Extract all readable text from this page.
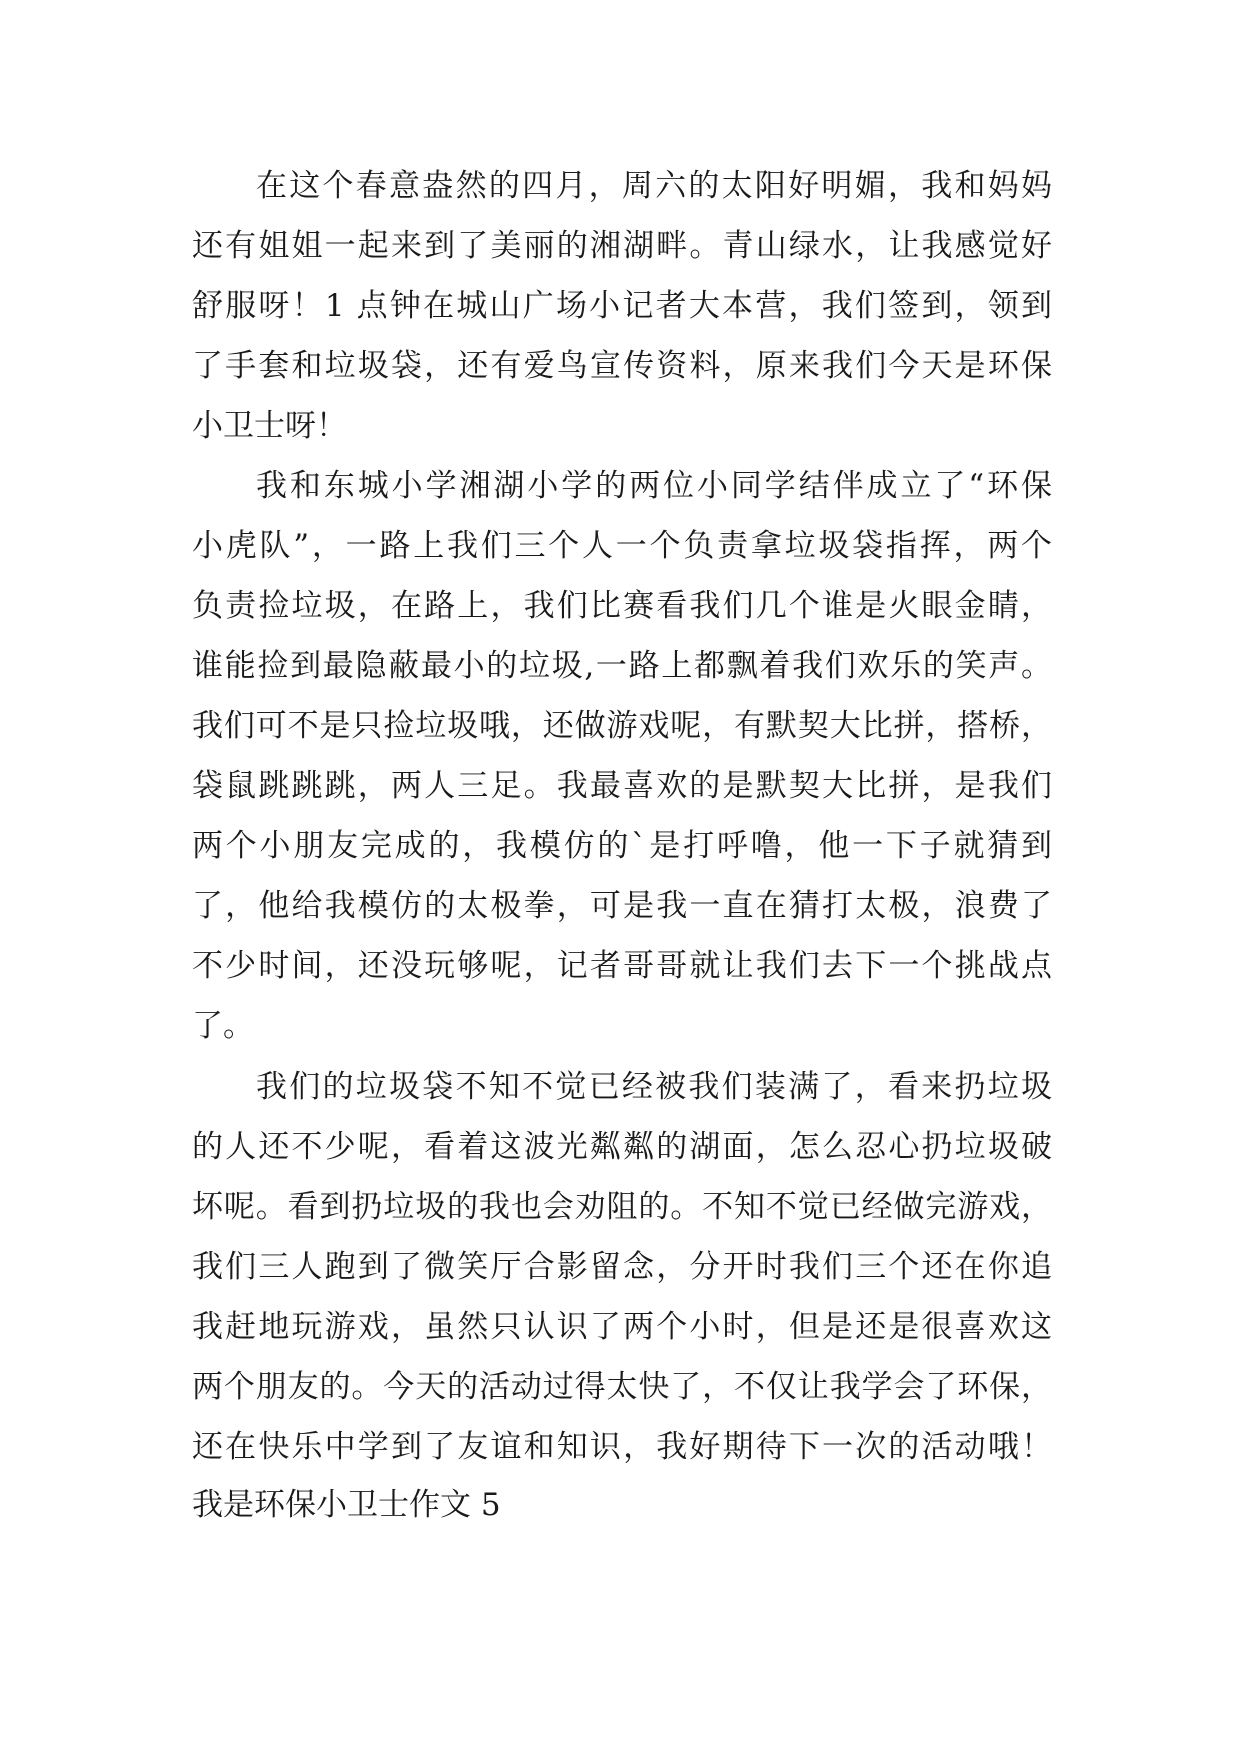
在这个春意盎然的四月，周六的太阳好明媚，我和妈妈
还有姐姐一起来到了美丽的湘湖畔。青山绿水，让我感觉好
舒服呀！1 点钟在城山广场小记者大本营，我们签到，领到
了手套和垃圾袋，还有爱鸟宣传资料，原来我们今天是环保
小卫士呀！
我和东城小学湘湖小学的两位小同学结伴成立了“环保
小虎队”，一路上我们三个人一个负责拿垃圾袋指挥，两个
负责捡垃圾，在路上，我们比赛看我们几个谁是火眼金睛，
谁能捡到最隐蔽最小的垃圾,一路上都飘着我们欢乐的笑声。
我们可不是只捡垃圾哦，还做游戏呢，有默契大比拼，搭桥，
袋鼠跳跳跳，两人三足。我最喜欢的是默契大比拼，是我们
两个小朋友完成的，我模仿的`是打呼噜，他一下子就猜到
了，他给我模仿的太极拳，可是我一直在猜打太极，浪费了
不少时间，还没玩够呢，记者哥哥就让我们去下一个挑战点
了。
我们的垃圾袋不知不觉已经被我们装满了，看来扔垃圾
的人还不少呢，看着这波光粼粼的湖面，怎么忍心扔垃圾破
坏呢。看到扔垃圾的我也会劝阻的。不知不觉已经做完游戏，
我们三人跑到了微笑厅合影留念，分开时我们三个还在你追
我赶地玩游戏，虽然只认识了两个小时，但是还是很喜欢这
两个朋友的。今天的活动过得太快了，不仅让我学会了环保，
还在快乐中学到了友谊和知识，我好期待下一次的活动哦！
我是环保小卫士作文 5
